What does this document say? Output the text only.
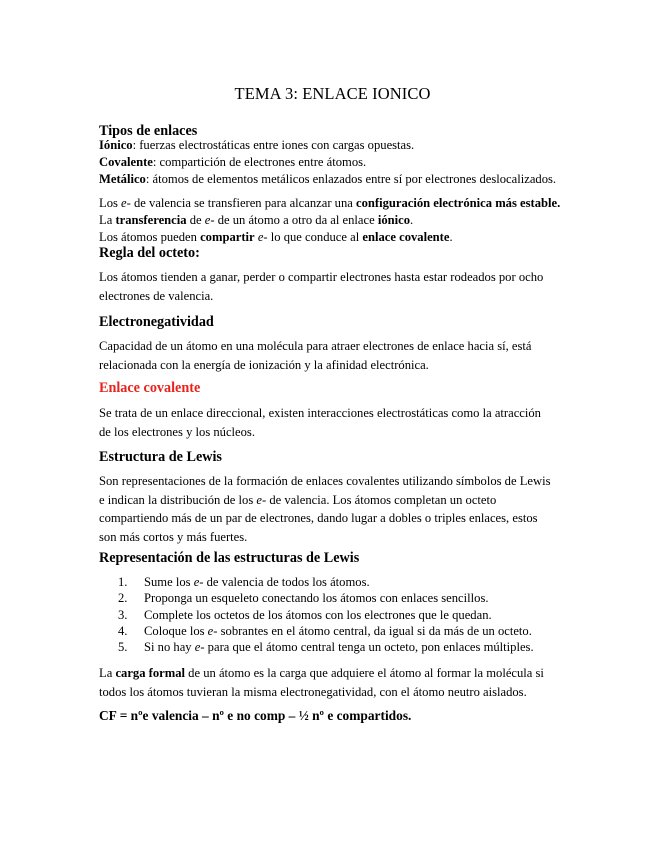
TEMA 3: ENLACE IONICO
Tipos de enlaces

Iónico: fuerzas electrostáticas entre iones con cargas opuestas.

Covalente: compartición de electrones entre átomos.

Metálico: átomos de elementos metálicos enlazados entre sí por electrones deslocalizados.

Los e- de valencia se transfieren para alcanzar una configuración electrónica más estable.

La transferencia de e- de un átomo a otro da al enlace iónico.

Los átomos pueden compartir e- lo que conduce al enlace covalente.

Regla del octeto:

Los átomos tienden a ganar, perder o compartir electrones hasta estar rodeados por ocho

electrones de valencia.

Electronegatividad

Capacidad de un átomo en una molécula para atraer electrones de enlace hacia sí, está

relacionada con la energía de ionización y la afinidad electrónica.

Enlace covalente

Se trata de un enlace direccional, existen interacciones electrostáticas como la atracción

de los electrones y los núcleos.

Estructura de Lewis

Son representaciones de la formación de enlaces covalentes utilizando símbolos de Lewis

e indican la distribución de los e- de valencia. Los átomos completan un octeto

compartiendo más de un par de electrones, dando lugar a dobles o triples enlaces, estos

son más cortos y más fuertes.

Representación de las estructuras de Lewis
1. Sume los e- de valencia de todos los átomos.
2. Proponga un esqueleto conectando los átomos con enlaces sencillos.
3. Complete los octetos de los átomos con los electrones que le quedan.
4. Coloque los e- sobrantes en el átomo central, da igual si da más de un octeto.
5. Si no hay e- para que el átomo central tenga un octeto, pon enlaces múltiples.

La carga formal de un átomo es la carga que adquiere el átomo al formar la molécula si

todos los átomos tuvieran la misma electronegatividad, con el átomo neutro aislados.

CF = nºe valencia – nº e no comp – ½ nº e compartidos.
